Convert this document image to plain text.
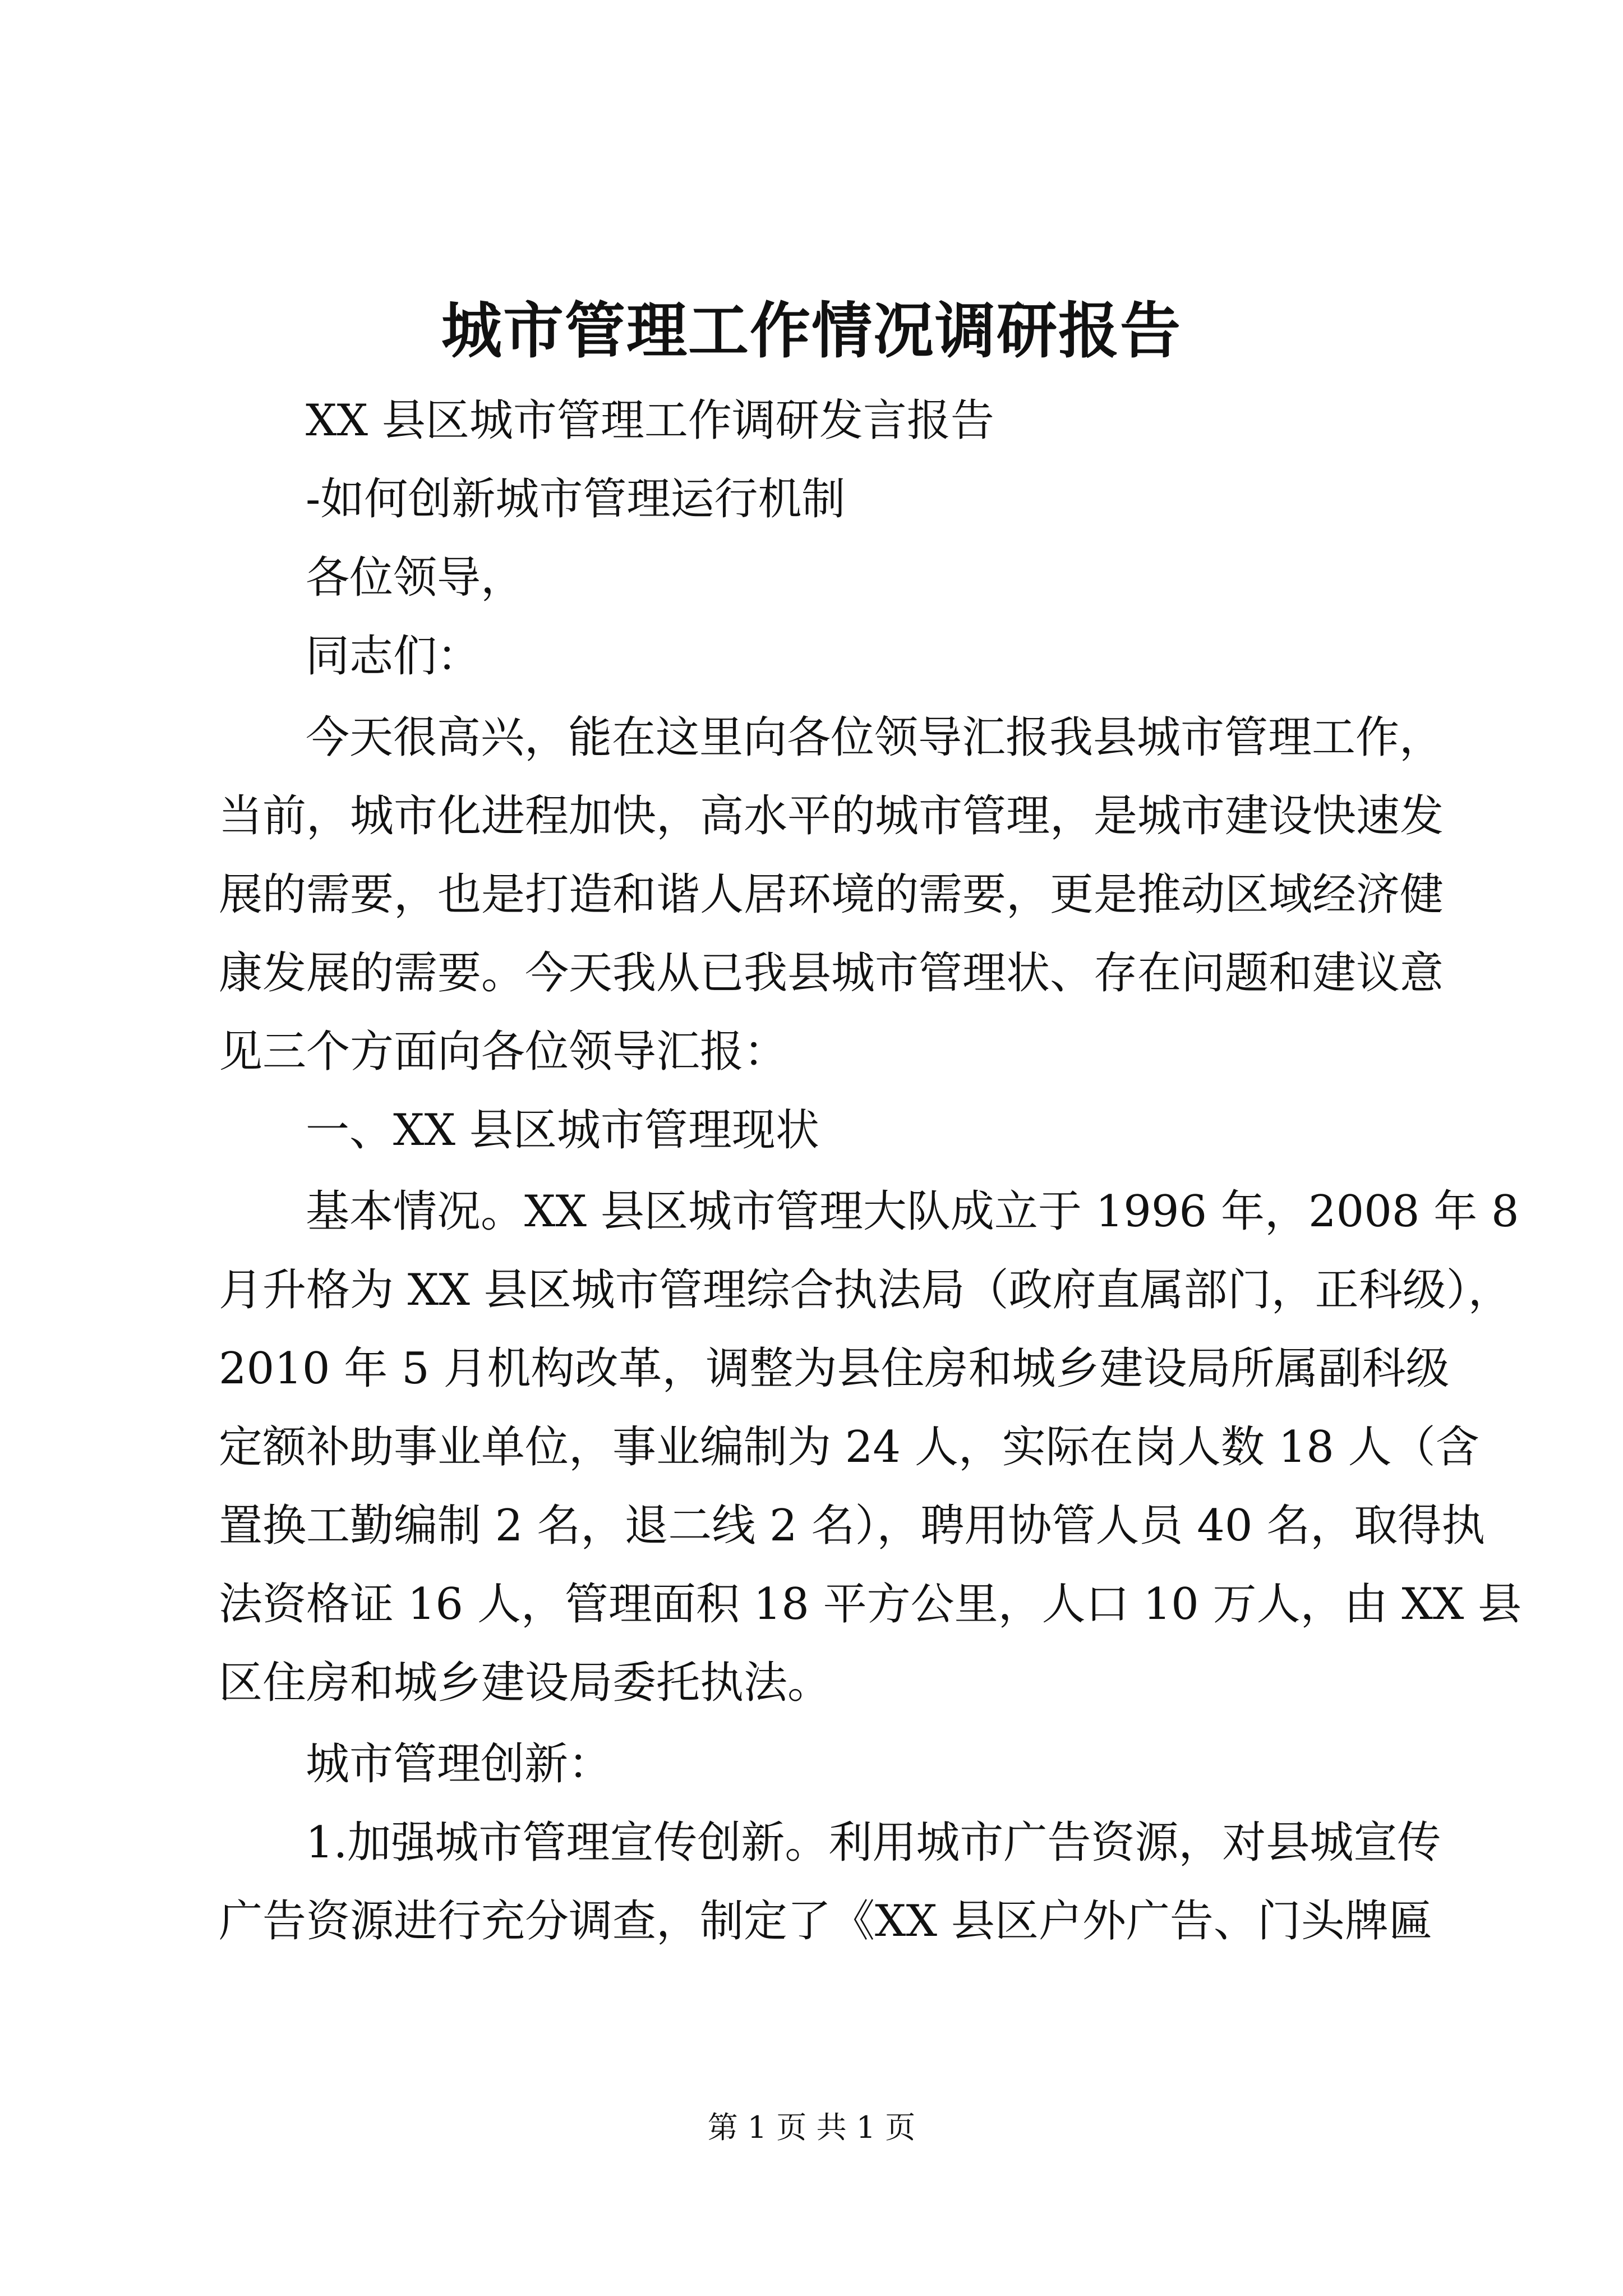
城市管理工作情况调研报告
XX 县区城市管理工作调研发言报告
-如何创新城市管理运行机制
各位领导，
同志们：
今天很高兴，能在这里向各位领导汇报我县城市管理工作，
当前，城市化进程加快，高水平的城市管理，是城市建设快速发
展的需要，也是打造和谐人居环境的需要，更是推动区域经济健
康发展的需要。今天我从已我县城市管理状、存在问题和建议意
见三个方面向各位领导汇报：
一、XX 县区城市管理现状
基本情况。XX 县区城市管理大队成立于 1996 年，2008 年 8
月升格为 XX 县区城市管理综合执法局（政府直属部门，正科级），
2010 年 5 月机构改革，调整为县住房和城乡建设局所属副科级
定额补助事业单位，事业编制为 24 人，实际在岗人数 18 人（含
置换工勤编制 2 名，退二线 2 名），聘用协管人员 40 名，取得执
法资格证 16 人，管理面积 18 平方公里，人口 10 万人，由 XX 县
区住房和城乡建设局委托执法。
城市管理创新：
1.加强城市管理宣传创新。利用城市广告资源，对县城宣传
广告资源进行充分调查，制定了《XX 县区户外广告、门头牌匾
第 1 页 共 1 页
